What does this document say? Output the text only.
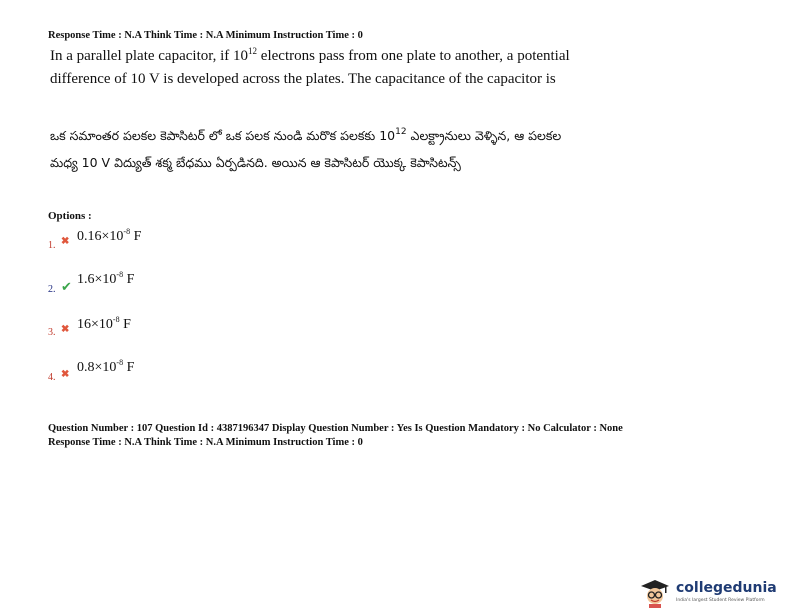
Response Time : N.A Think Time : N.A Minimum Instruction Time : 0
In a parallel plate capacitor, if $10^{12}$ electrons pass from one plate to another, a potential difference of 10 V is developed across the plates. The capacitance of the capacitor is
ఒక సమాంతర పలకల కెపాసిటర్ లో ఒక పలక నుండి మరొక పలకకు $10^{12}$ ఎలక్ట్రానులు వెళ్ళిన, ఆ పలకల మధ్య 10 V విద్యుత్ శక్మ బేధము ఏర్పడినది. అయిన ఆ కెపాసిటర్ యొక్క కెపాసిటన్స్
Options :
1. ✖ $0.16\times 10^{-8}$ F
2. ✔ $1.6\times 10^{-8}$ F
3. ✖ $16\times 10^{-8}$ F
4. ✖ $0.8\times 10^{-8}$ F
Question Number : 107 Question Id : 4387196347 Display Question Number : Yes Is Question Mandatory : No Calculator : None
Response Time : N.A Think Time : N.A Minimum Instruction Time : 0
collegedunia
India's largest Student Review Platform
